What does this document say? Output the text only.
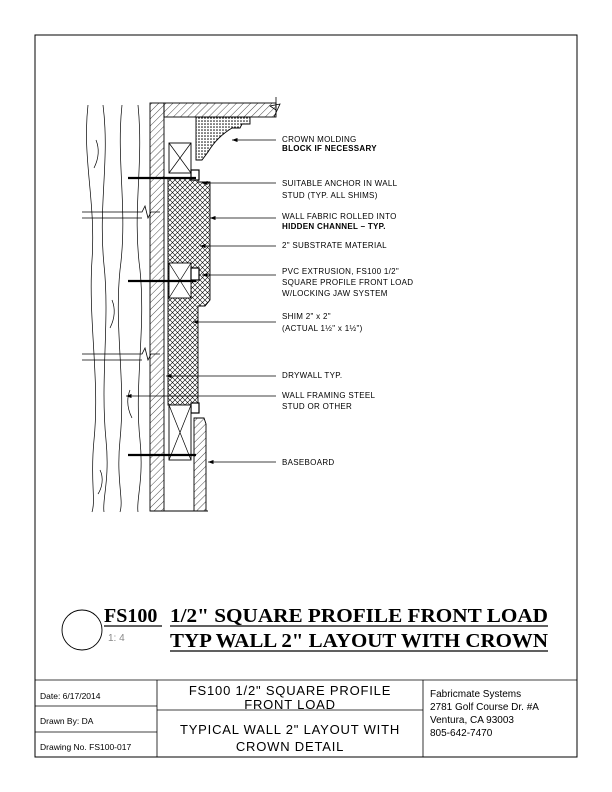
CROWN MOLDING
BLOCK IF NECESSARY
SUITABLE ANCHOR IN WALL
STUD (TYP. ALL SHIMS)
WALL FABRIC ROLLED INTO
HIDDEN CHANNEL – TYP.
2" SUBSTRATE MATERIAL
PVC EXTRUSION, FS100 1/2"
SQUARE PROFILE FRONT LOAD
W/LOCKING JAW SYSTEM
SHIM 2" x 2"
(ACTUAL 1½" x 1½")
DRYWALL TYP.
WALL FRAMING STEEL
STUD OR OTHER
BASEBOARD
FS100
1: 4
1/2" SQUARE PROFILE FRONT LOAD
TYP WALL 2" LAYOUT WITH CROWN
Date: 6/17/2014
Drawn By: DA
Drawing No. FS100-017
FS100 1/2" SQUARE PROFILE
FRONT LOAD
TYPICAL WALL 2" LAYOUT WITH
CROWN DETAIL
Fabricmate Systems
2781 Golf Course Dr. #A
Ventura, CA 93003
805-642-7470
